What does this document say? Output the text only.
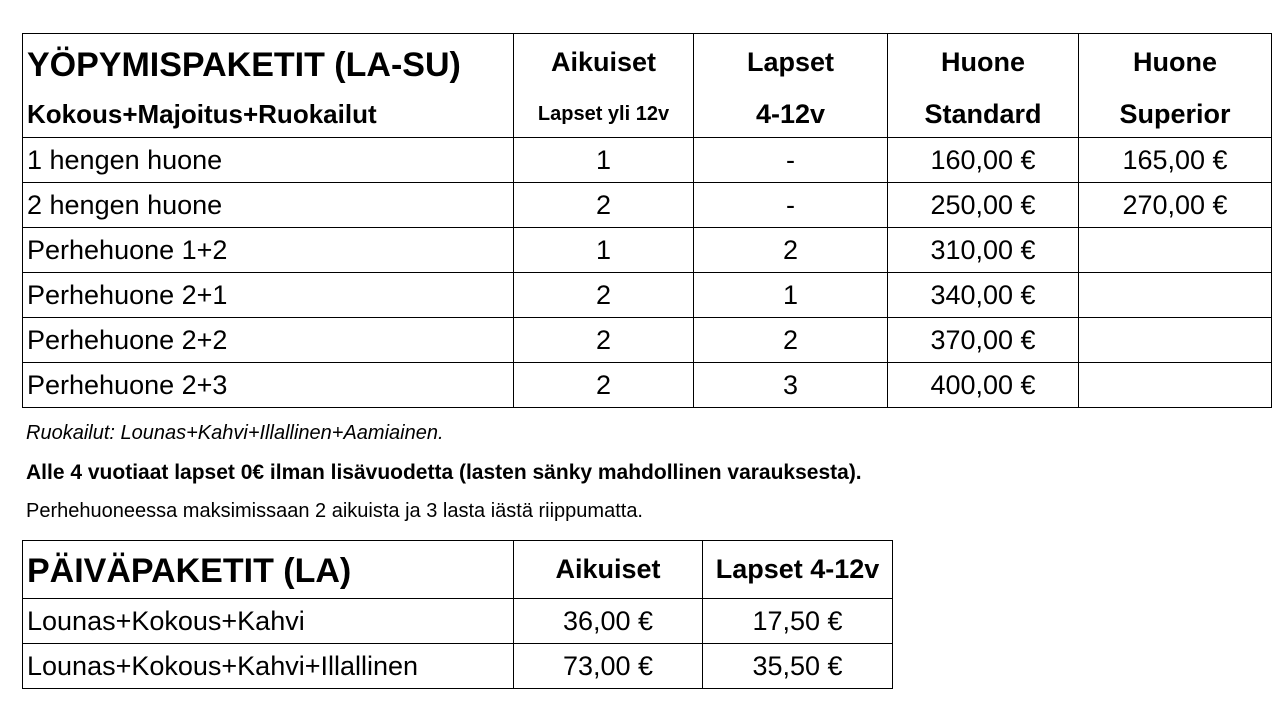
YÖPYMISPAKETIT (LA-SU)	Aikuiset	Lapset	Huone	Huone
Kokous+Majoitus+Ruokailut	Lapset yli 12v	4-12v	Standard	Superior
1 hengen huone	1	-	160,00 €	165,00 €
2 hengen huone	2	-	250,00 €	270,00 €
Perhehuone 1+2	1	2	310,00 €	
Perhehuone 2+1	2	1	340,00 €	
Perhehuone 2+2	2	2	370,00 €	
Perhehuone 2+3	2	3	400,00 €	
Ruokailut: Lounas+Kahvi+Illallinen+Aamiainen.
Alle 4 vuotiaat lapset 0€ ilman lisävuodetta (lasten sänky mahdollinen varauksesta).
Perhehuoneessa maksimissaan 2 aikuista ja 3 lasta iästä riippumatta.
PÄIVÄPAKETIT (LA)	Aikuiset	Lapset 4-12v
Lounas+Kokous+Kahvi	36,00 €	17,50 €
Lounas+Kokous+Kahvi+Illallinen	73,00 €	35,50 €
